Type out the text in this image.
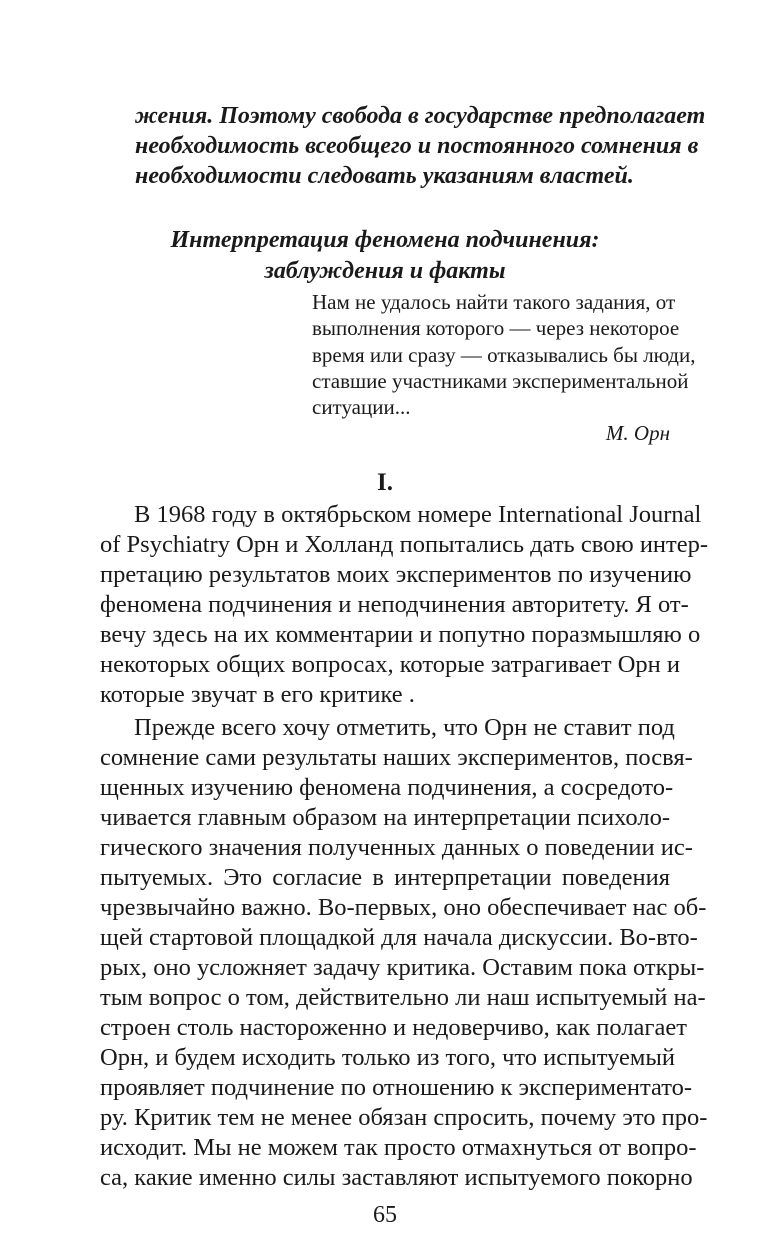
жения. Поэтому свобода в государстве предполагает
необходимость всеобщего и постоянного сомнения в
необходимости следовать указаниям властей.
Интерпретация феномена подчинения:
заблуждения и факты
Нам не удалось найти такого задания, от
выполнения которого — через некоторое
время или сразу — отказывались бы люди,
ставшие участниками экспериментальной
ситуации...
М. Орн
I.
В 1968 году в октябрьском номере International Journal
of Psychiatry Орн и Холланд попытались дать свою интер-
претацию результатов моих экспериментов по изучению
феномена подчинения и неподчинения авторитету. Я от-
вечу здесь на их комментарии и попутно поразмышляю о
некоторых общих вопросах, которые затрагивает Орн и
которые звучат в его критике .
Прежде всего хочу отметить, что Орн не ставит под
сомнение сами результаты наших экспериментов, посвя-
щенных изучению феномена подчинения, а сосредото-
чивается главным образом на интерпретации психоло-
гического значения полученных данных о поведении ис-
пытуемых. Это согласие в интерпретации поведения
чрезвычайно важно. Во-первых, оно обеспечивает нас об-
щей стартовой площадкой для начала дискуссии. Во-вто-
рых, оно усложняет задачу критика. Оставим пока откры-
тым вопрос о том, действительно ли наш испытуемый на-
строен столь настороженно и недоверчиво, как полагает
Орн, и будем исходить только из того, что испытуемый
проявляет подчинение по отношению к экспериментато-
ру. Критик тем не менее обязан спросить, почему это про-
исходит. Мы не можем так просто отмахнуться от вопро-
са, какие именно силы заставляют испытуемого покорно
65
